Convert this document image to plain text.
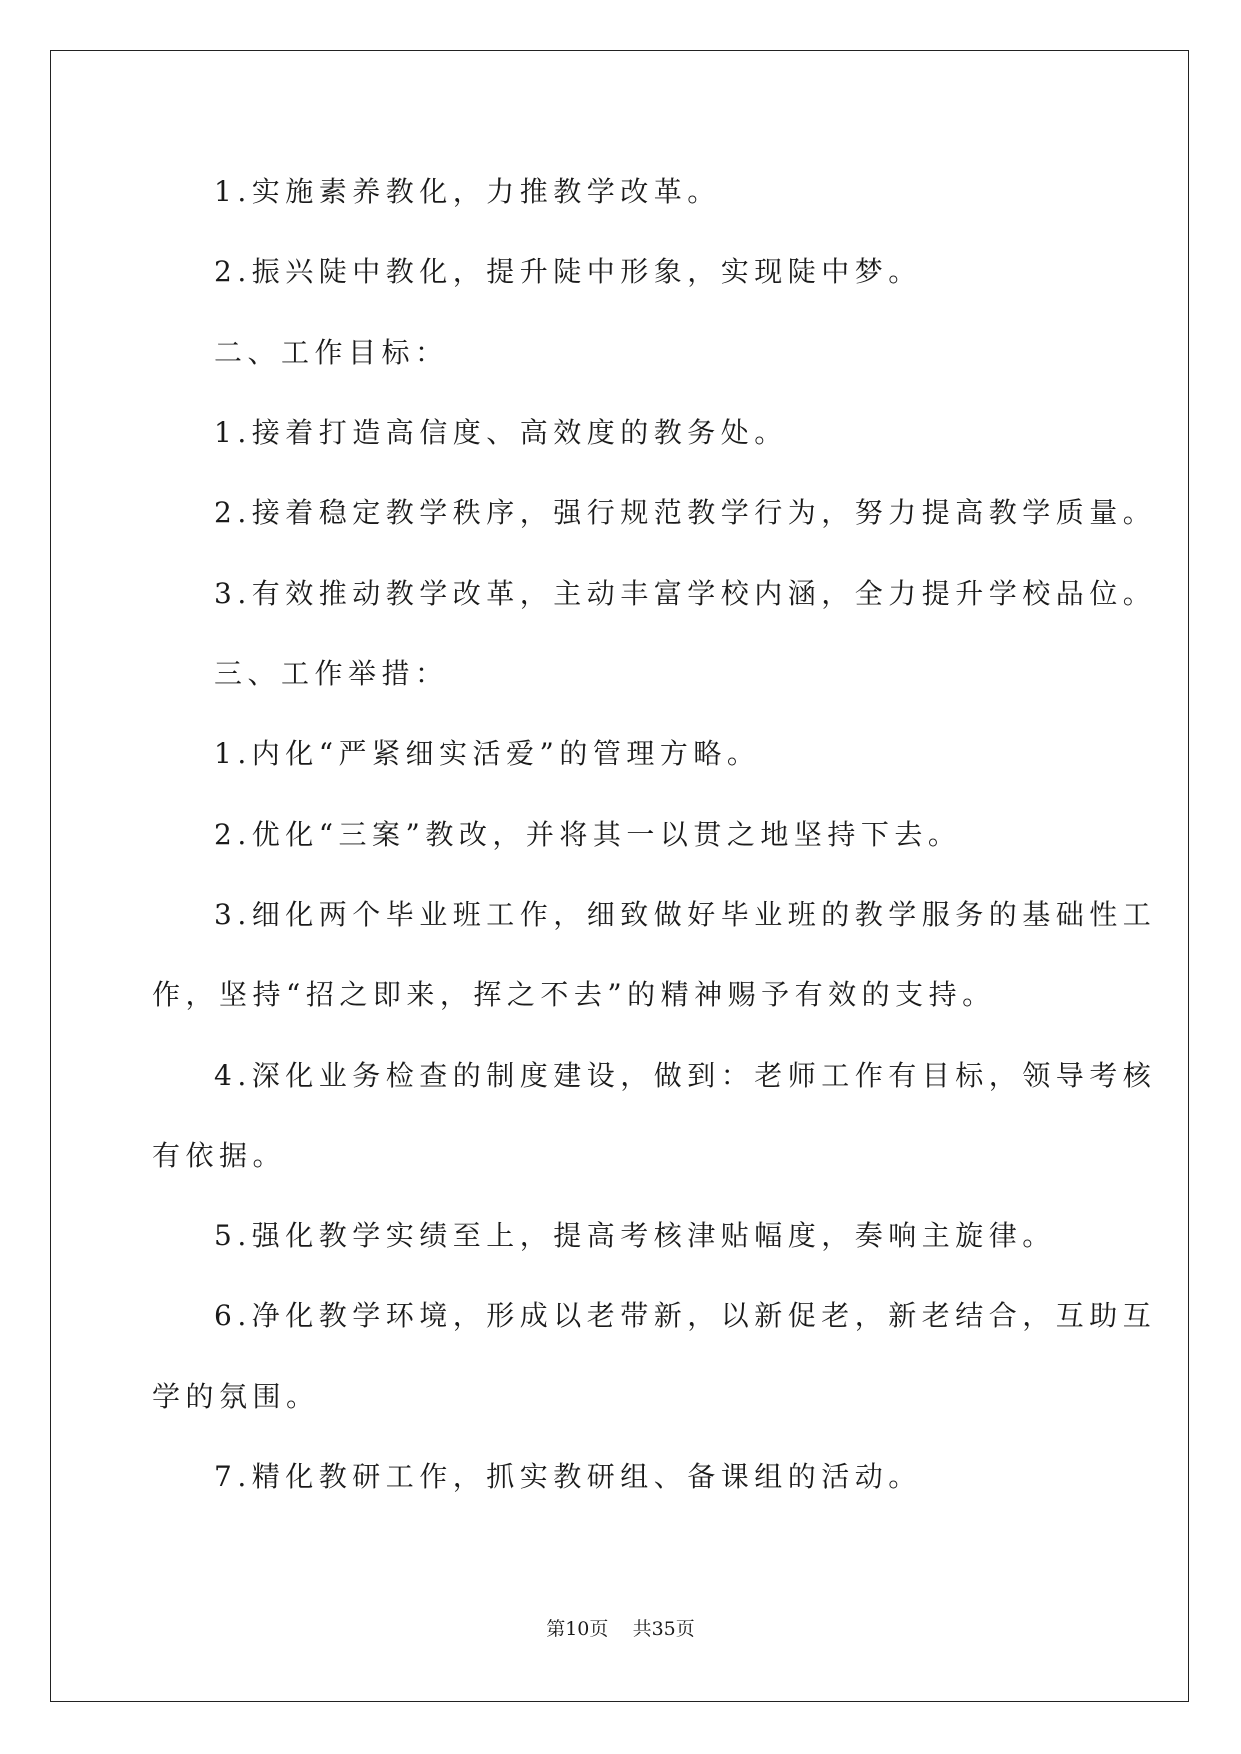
1.实施素养教化，力推教学改革。
2.振兴陡中教化，提升陡中形象，实现陡中梦。
二、工作目标：
1.接着打造高信度、高效度的教务处。
2.接着稳定教学秩序，强行规范教学行为，努力提高教学质量。
3.有效推动教学改革，主动丰富学校内涵，全力提升学校品位。
三、工作举措：
1.内化“严紧细实活爱”的管理方略。
2.优化“三案”教改，并将其一以贯之地坚持下去。
3.细化两个毕业班工作，细致做好毕业班的教学服务的基础性工
作，坚持“招之即来，挥之不去”的精神赐予有效的支持。
4.深化业务检查的制度建设，做到：老师工作有目标，领导考核
有依据。
5.强化教学实绩至上，提高考核津贴幅度，奏响主旋律。
6.净化教学环境，形成以老带新，以新促老，新老结合，互助互
学的氛围。
7.精化教研工作，抓实教研组、备课组的活动。
第10页 共35页
